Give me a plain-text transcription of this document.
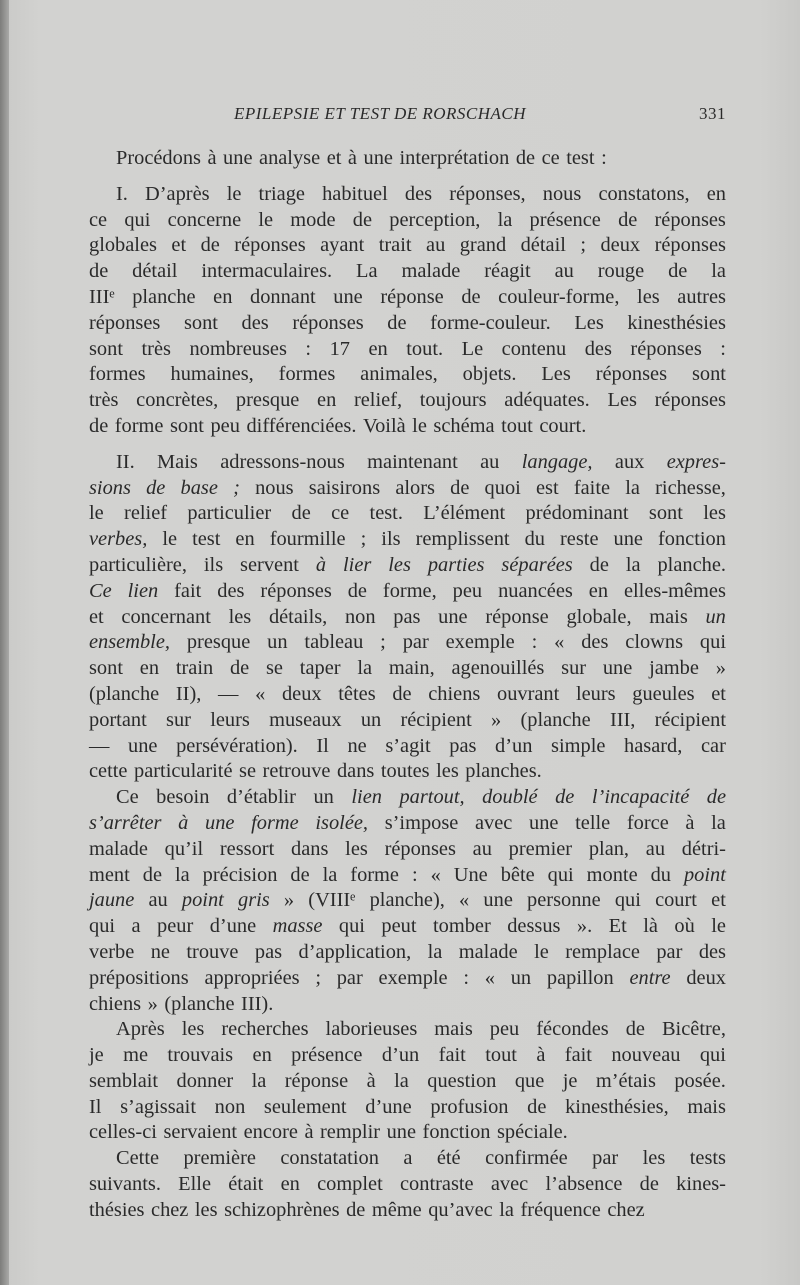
EPILEPSIE ET TEST DE RORSCHACH	331
Procédons à une analyse et à une interprétation de ce test :
I. D’après le triage habituel des réponses, nous constatons, en
ce qui concerne le mode de perception, la présence de réponses
globales et de réponses ayant trait au grand détail ; deux réponses
de détail intermaculaires. La malade réagit au rouge de la
IIIᵉ planche en donnant une réponse de couleur-forme, les autres
réponses sont des réponses de forme-couleur. Les kinesthésies
sont très nombreuses : 17 en tout. Le contenu des réponses :
formes humaines, formes animales, objets. Les réponses sont
très concrètes, presque en relief, toujours adéquates. Les réponses
de forme sont peu différenciées. Voilà le schéma tout court.
II. Mais adressons-nous maintenant au langage, aux expres-
sions de base ; nous saisirons alors de quoi est faite la richesse,
le relief particulier de ce test. L’élément prédominant sont les
verbes, le test en fourmille ; ils remplissent du reste une fonction
particulière, ils servent à lier les parties séparées de la planche.
Ce lien fait des réponses de forme, peu nuancées en elles-mêmes
et concernant les détails, non pas une réponse globale, mais un
ensemble, presque un tableau ; par exemple : « des clowns qui
sont en train de se taper la main, agenouillés sur une jambe »
(planche II), — « deux têtes de chiens ouvrant leurs gueules et
portant sur leurs museaux un récipient » (planche III, récipient
— une persévération). Il ne s’agit pas d’un simple hasard, car
cette particularité se retrouve dans toutes les planches.
Ce besoin d’établir un lien partout, doublé de l’incapacité de
s’arrêter à une forme isolée, s’impose avec une telle force à la
malade qu’il ressort dans les réponses au premier plan, au détri-
ment de la précision de la forme : « Une bête qui monte du point
jaune au point gris » (VIIIᵉ planche), « une personne qui court et
qui a peur d’une masse qui peut tomber dessus ». Et là où le
verbe ne trouve pas d’application, la malade le remplace par des
prépositions appropriées ; par exemple : « un papillon entre deux
chiens » (planche III).
Après les recherches laborieuses mais peu fécondes de Bicêtre,
je me trouvais en présence d’un fait tout à fait nouveau qui
semblait donner la réponse à la question que je m’étais posée.
Il s’agissait non seulement d’une profusion de kinesthésies, mais
celles-ci servaient encore à remplir une fonction spéciale.
Cette première constatation a été confirmée par les tests
suivants. Elle était en complet contraste avec l’absence de kines-
thésies chez les schizophrènes de même qu’avec la fréquence chez
